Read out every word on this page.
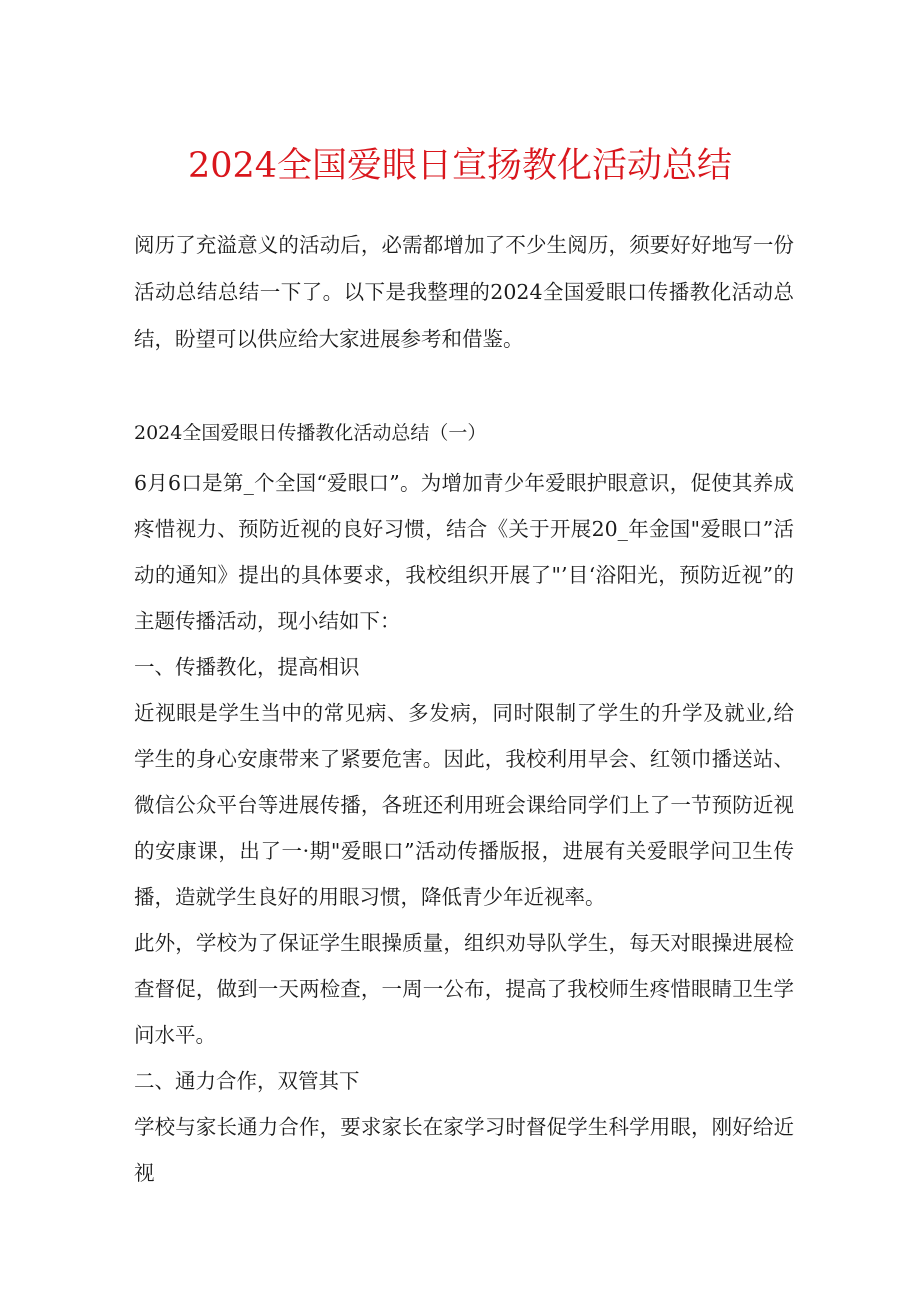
2024全国爱眼日宣扬教化活动总结

阅历了充溢意义的活动后，必需都增加了不少生阅历，须要好好地写一份活动总结总结一下了。以下是我整理的2024全国爱眼口传播教化活动总结，盼望可以供应给大家进展参考和借鉴。

2024全国爱眼日传播教化活动总结（一）

6月6口是第_个全国“爱眼口”。为增加青少年爱眼护眼意识，促使其养成疼惜视力、预防近视的良好习惯，结合《关于开展20_年金国"爱眼口”活动的通知》提出的具体要求，我校组织开展了"’目‘浴阳光，预防近视”的主题传播活动，现小结如下：

一、传播教化，提高相识

近视眼是学生当中的常见病、多发病，同时限制了学生的升学及就业,给学生的身心安康带来了紧要危害。因此，我校利用早会、红领巾播送站、微信公众平台等进展传播，各班还利用班会课给同学们上了一节预防近视的安康课，出了一·期"爱眼口”活动传播版报，进展有关爱眼学问卫生传播，造就学生良好的用眼习惯，降低青少年近视率。

此外，学校为了保证学生眼操质量，组织劝导队学生，每天对眼操进展检查督促，做到一天两检查，一周一公布，提高了我校师生疼惜眼睛卫生学问水平。

二、通力合作，双管其下

学校与家长通力合作，要求家长在家学习时督促学生科学用眼，刚好给近视
